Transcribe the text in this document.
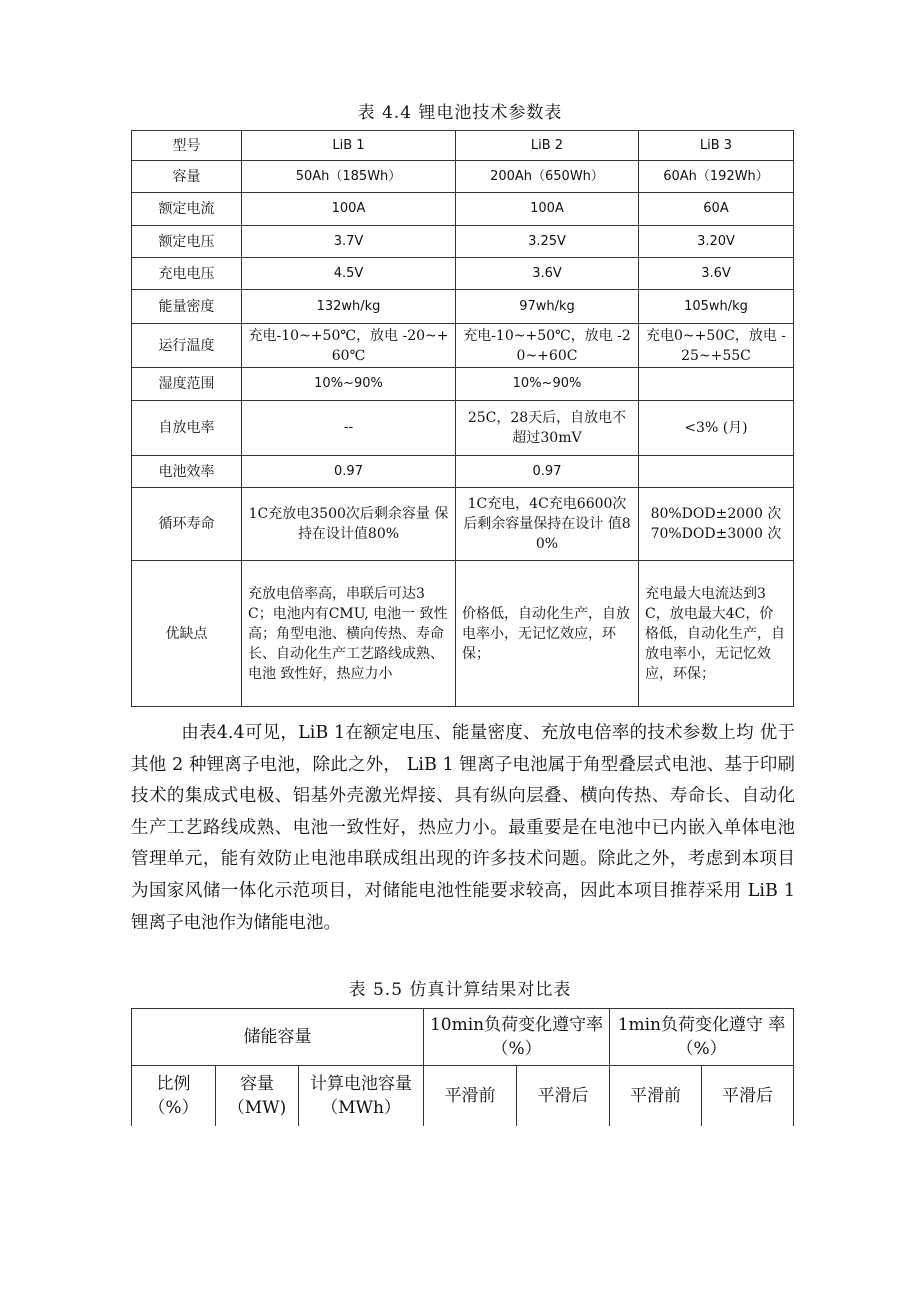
表 4.4 锂电池技术参数表
型号	LiB 1	LiB 2	LiB 3
容量	50Ah（185Wh）	200Ah（650Wh）	60Ah（192Wh）
额定电流	100A	100A	60A
额定电压	3.7V	3.25V	3.20V
充电电压	4.5V	3.6V	3.6V
能量密度	132wh/kg	97wh/kg	105wh/kg
运行温度	充电-10~+50℃，放电 -20~+60℃	充电-10~+50℃，放电 -20~+60C	充电0~+50C，放电 -25~+55C
湿度范围	10%~90%	10%~90%	
自放电率	--	25C，28天后，自放电不超过30mV	<3% (月)
电池效率	0.97	0.97	
循环寿命	1C充放电3500次后剩余容量 保持在设计值80%	1C充电，4C充电6600次后剩余容量保持在设计 值80%	80%DOD±2000 次 70%DOD±3000 次
优缺点	充放电倍率高，串联后可达3C；电池内有CMU, 电池一 致性高；角型电池、横向传热、寿命长、自动化生产工艺路线成熟、电池 致性好，热应力小	价格低，自动化生产，自放电率小，无记忆效应，环保；	充电最大电流达到3C，放电最大4C，价格低，自动化生产，自放电率小，无记忆效应，环保；
由表4.4可见，LiB 1在额定电压、能量密度、充放电倍率的技术参数上均 优于其他 2 种锂离子电池，除此之外， LiB 1 锂离子电池属于角型叠层式电池、基于印刷技术的集成式电极、铝基外壳激光焊接、具有纵向层叠、横向传热、寿命长、自动化生产工艺路线成熟、电池一致性好，热应力小。最重要是在电池中已内嵌入单体电池管理单元，能有效防止电池串联成组出现的许多技术问题。除此之外，考虑到本项目为国家风储一体化示范项目，对储能电池性能要求较高，因此本项目推荐采用 LiB 1 锂离子电池作为储能电池。
表 5.5 仿真计算结果对比表
储能容量			10min负荷变化遵守率（%）		1min负荷变化遵守 率（%）	
比例（%）	容量（MW)	计算电池容量（MWh）	平滑前	平滑后	平滑前	平滑后
